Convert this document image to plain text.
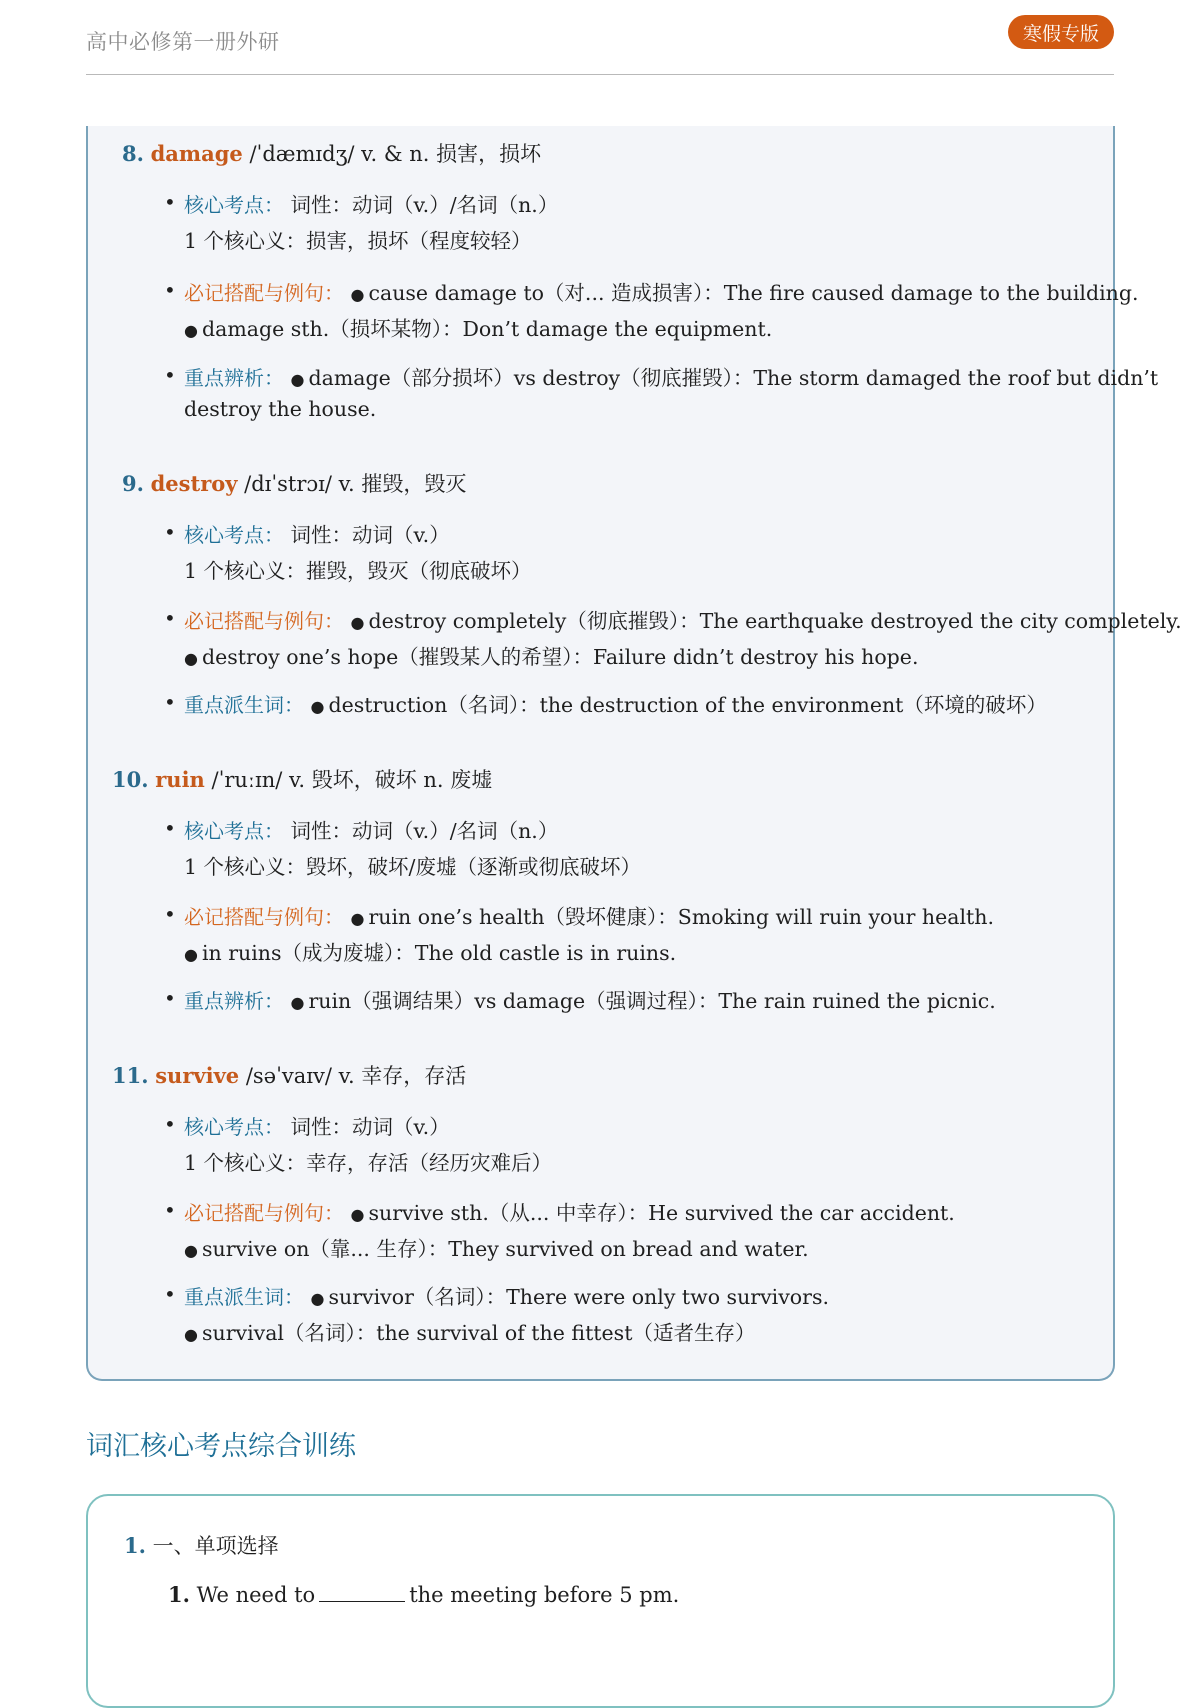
高中必修第一册外研	寒假专版
8. damage /ˈdæmɪdʒ/ v. & n. 损害，损坏
• 核心考点： 词性：动词（v.）/名词（n.）
1 个核心义：损害，损坏（程度较轻）
• 必记搭配与例句： ● cause damage to（对... 造成损害）：The fire caused damage to the building.
● damage sth.（损坏某物）：Don’t damage the equipment.
• 重点辨析： ● damage（部分损坏）vs destroy（彻底摧毁）：The storm damaged the roof but didn’t
destroy the house.
9. destroy /dɪˈstrɔɪ/ v. 摧毁，毁灭
• 核心考点： 词性：动词（v.）
1 个核心义：摧毁，毁灭（彻底破坏）
• 必记搭配与例句： ● destroy completely（彻底摧毁）：The earthquake destroyed the city completely.
● destroy one’s hope（摧毁某人的希望）：Failure didn’t destroy his hope.
• 重点派生词： ● destruction（名词）：the destruction of the environment（环境的破坏）
10. ruin /ˈruːɪn/ v. 毁坏，破坏 n. 废墟
• 核心考点： 词性：动词（v.）/名词（n.）
1 个核心义：毁坏，破坏/废墟（逐渐或彻底破坏）
• 必记搭配与例句： ● ruin one’s health（毁坏健康）：Smoking will ruin your health.
● in ruins（成为废墟）：The old castle is in ruins.
• 重点辨析： ● ruin（强调结果）vs damage（强调过程）：The rain ruined the picnic.
11. survive /səˈvaɪv/ v. 幸存，存活
• 核心考点： 词性：动词（v.）
1 个核心义：幸存，存活（经历灾难后）
• 必记搭配与例句： ● survive sth.（从... 中幸存）：He survived the car accident.
● survive on（靠... 生存）：They survived on bread and water.
• 重点派生词： ● survivor（名词）：There were only two survivors.
● survival（名词）：the survival of the fittest（适者生存）
词汇核心考点综合训练
1. 一、单项选择
1. We need to	the meeting before 5 pm.
